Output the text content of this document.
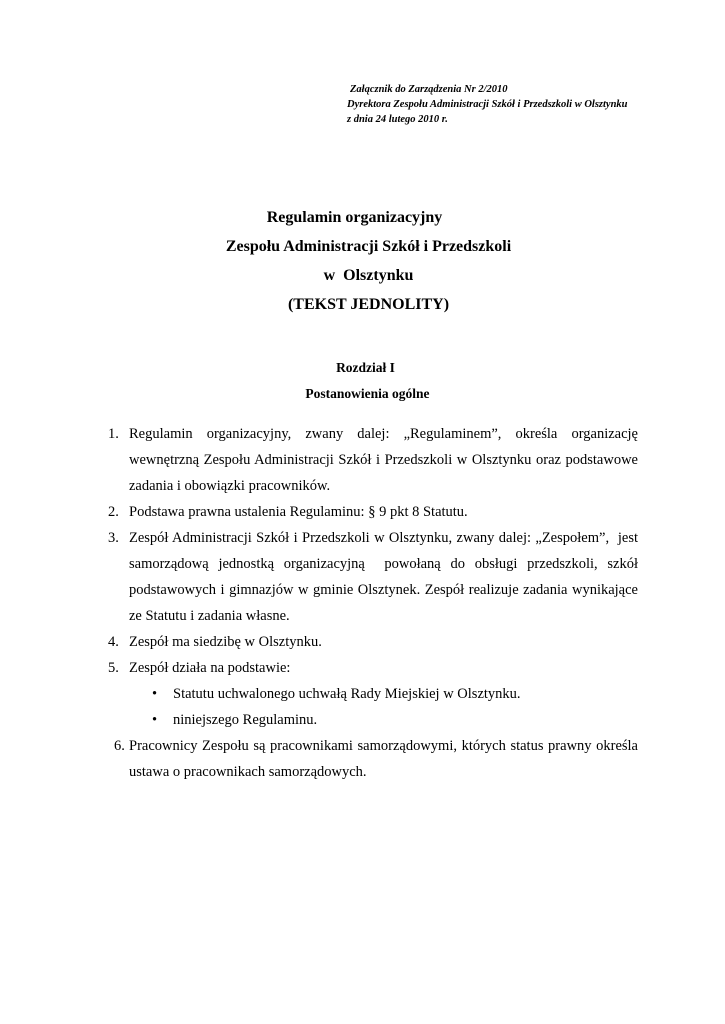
Załącznik do Zarządzenia Nr 2/2010
Dyrektora Zespołu Administracji Szkół i Przedszkoli w Olsztynku
z dnia 24 lutego 2010 r.
Regulamin organizacyjny
Zespołu Administracji Szkół i Przedszkoli
w  Olsztynku
(TEKST JEDNOLITY)
Rozdział I
Postanowienia ogólne
1. Regulamin organizacyjny, zwany dalej: „Regulaminem”, określa organizację wewnętrzną Zespołu Administracji Szkół i Przedszkoli w Olsztynku oraz podstawowe zadania i obowiązki pracowników.
2. Podstawa prawna ustalenia Regulaminu: § 9 pkt 8 Statutu.
3. Zespół Administracji Szkół i Przedszkoli w Olsztynku, zwany dalej: „Zespołem”,  jest samorządową jednostką organizacyjną  powołaną do obsługi przedszkoli, szkół podstawowych i gimnazjów w gminie Olsztynek. Zespół realizuje zadania wynikające ze Statutu i zadania własne.
4. Zespół ma siedzibę w Olsztynku.
5. Zespół działa na podstawie:
• Statutu uchwalonego uchwałą Rady Miejskiej w Olsztynku.
• niniejszego Regulaminu.
6. Pracownicy Zespołu są pracownikami samorządowymi, których status prawny określa ustawa o pracownikach samorządowych.
